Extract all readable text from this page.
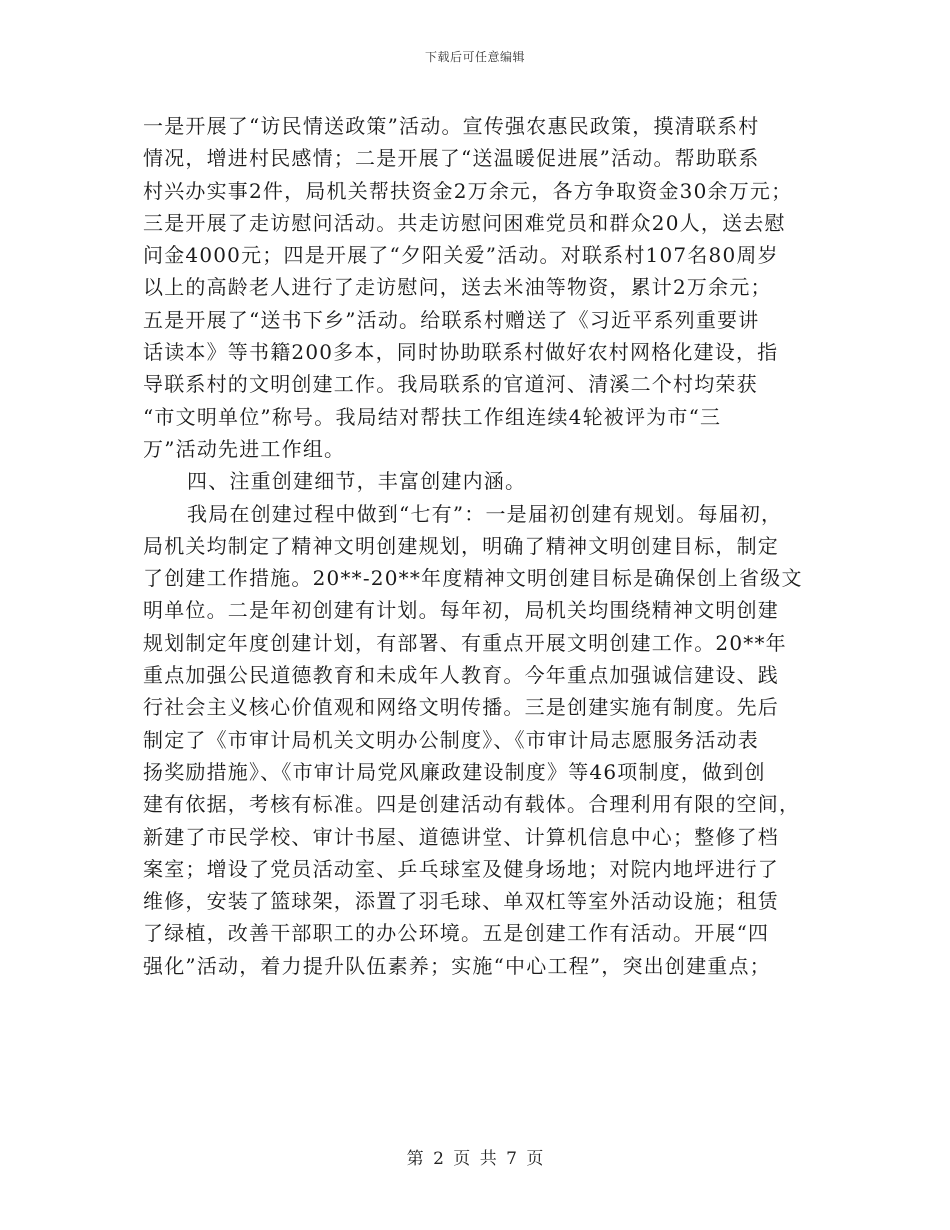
下载后可任意编辑
一是开展了“访民情送政策”活动。宣传强农惠民政策，摸清联系村
情况，增进村民感情；二是开展了“送温暖促进展”活动。帮助联系
村兴办实事2件，局机关帮扶资金2万余元，各方争取资金30余万元；
三是开展了走访慰问活动。共走访慰问困难党员和群众20人，送去慰
问金4000元；四是开展了“夕阳关爱”活动。对联系村107名80周岁
以上的高龄老人进行了走访慰问，送去米油等物资，累计2万余元；
五是开展了“送书下乡”活动。给联系村赠送了《习近平系列重要讲
话读本》等书籍200多本，同时协助联系村做好农村网格化建设，指
导联系村的文明创建工作。我局联系的官道河、清溪二个村均荣获
“市文明单位”称号。我局结对帮扶工作组连续4轮被评为市“三
万”活动先进工作组。
四、注重创建细节，丰富创建内涵。
我局在创建过程中做到“七有”：一是届初创建有规划。每届初，
局机关均制定了精神文明创建规划，明确了精神文明创建目标，制定
了创建工作措施。20**-20**年度精神文明创建目标是确保创上省级文
明单位。二是年初创建有计划。每年初，局机关均围绕精神文明创建
规划制定年度创建计划，有部署、有重点开展文明创建工作。20**年
重点加强公民道德教育和未成年人教育。今年重点加强诚信建设、践
行社会主义核心价值观和网络文明传播。三是创建实施有制度。先后
制定了《市审计局机关文明办公制度》、《市审计局志愿服务活动表
扬奖励措施》、《市审计局党风廉政建设制度》等46项制度，做到创
建有依据，考核有标准。四是创建活动有载体。合理利用有限的空间，
新建了市民学校、审计书屋、道德讲堂、计算机信息中心；整修了档
案室；增设了党员活动室、乒乓球室及健身场地；对院内地坪进行了
维修，安装了篮球架，添置了羽毛球、单双杠等室外活动设施；租赁
了绿植，改善干部职工的办公环境。五是创建工作有活动。开展“四
强化”活动，着力提升队伍素养；实施“中心工程”，突出创建重点；
第 2 页 共 7 页
